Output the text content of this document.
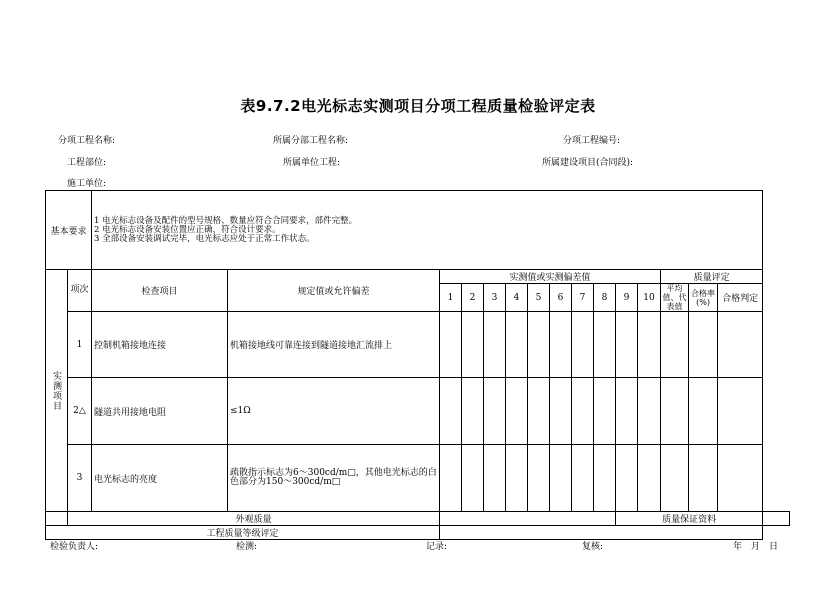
表9.7.2电光标志实测项目分项工程质量检验评定表
分项工程名称:	所属分部工程名称:	分项工程编号:
工程部位:	所属单位工程:	所属建设项目(合同段):
施工单位:
基本要求		1 电光标志设备及配件的型号规格、数量应符合合同要求，部件完整。
2 电光标志设备安装位置应正确，符合设计要求。
3 全部设备安装调试完毕，电光标志应处于正常工作状态。															

实测项目	项次	检查项目	规定值或允许偏差	实测值或实测偏差值										质量评定			
				1	2	3	4	5	6	7	8	9	10	平均值、代表值	合格率(%)	合格判定	
	1	控制机箱接地连接	机箱接地线可靠连接到隧道接地汇流排上														
	2△	隧道共用接地电阻	≤1Ω														
	3	电光标志的亮度	疏散指示标志为6～300cd/m□，其他电光标志的白色部分为150～300cd/m□														
	外观质量											质量保证资料					
工程质量等级评定																	
检验负责人:	检测:	记录:	复核:	年　月　日
